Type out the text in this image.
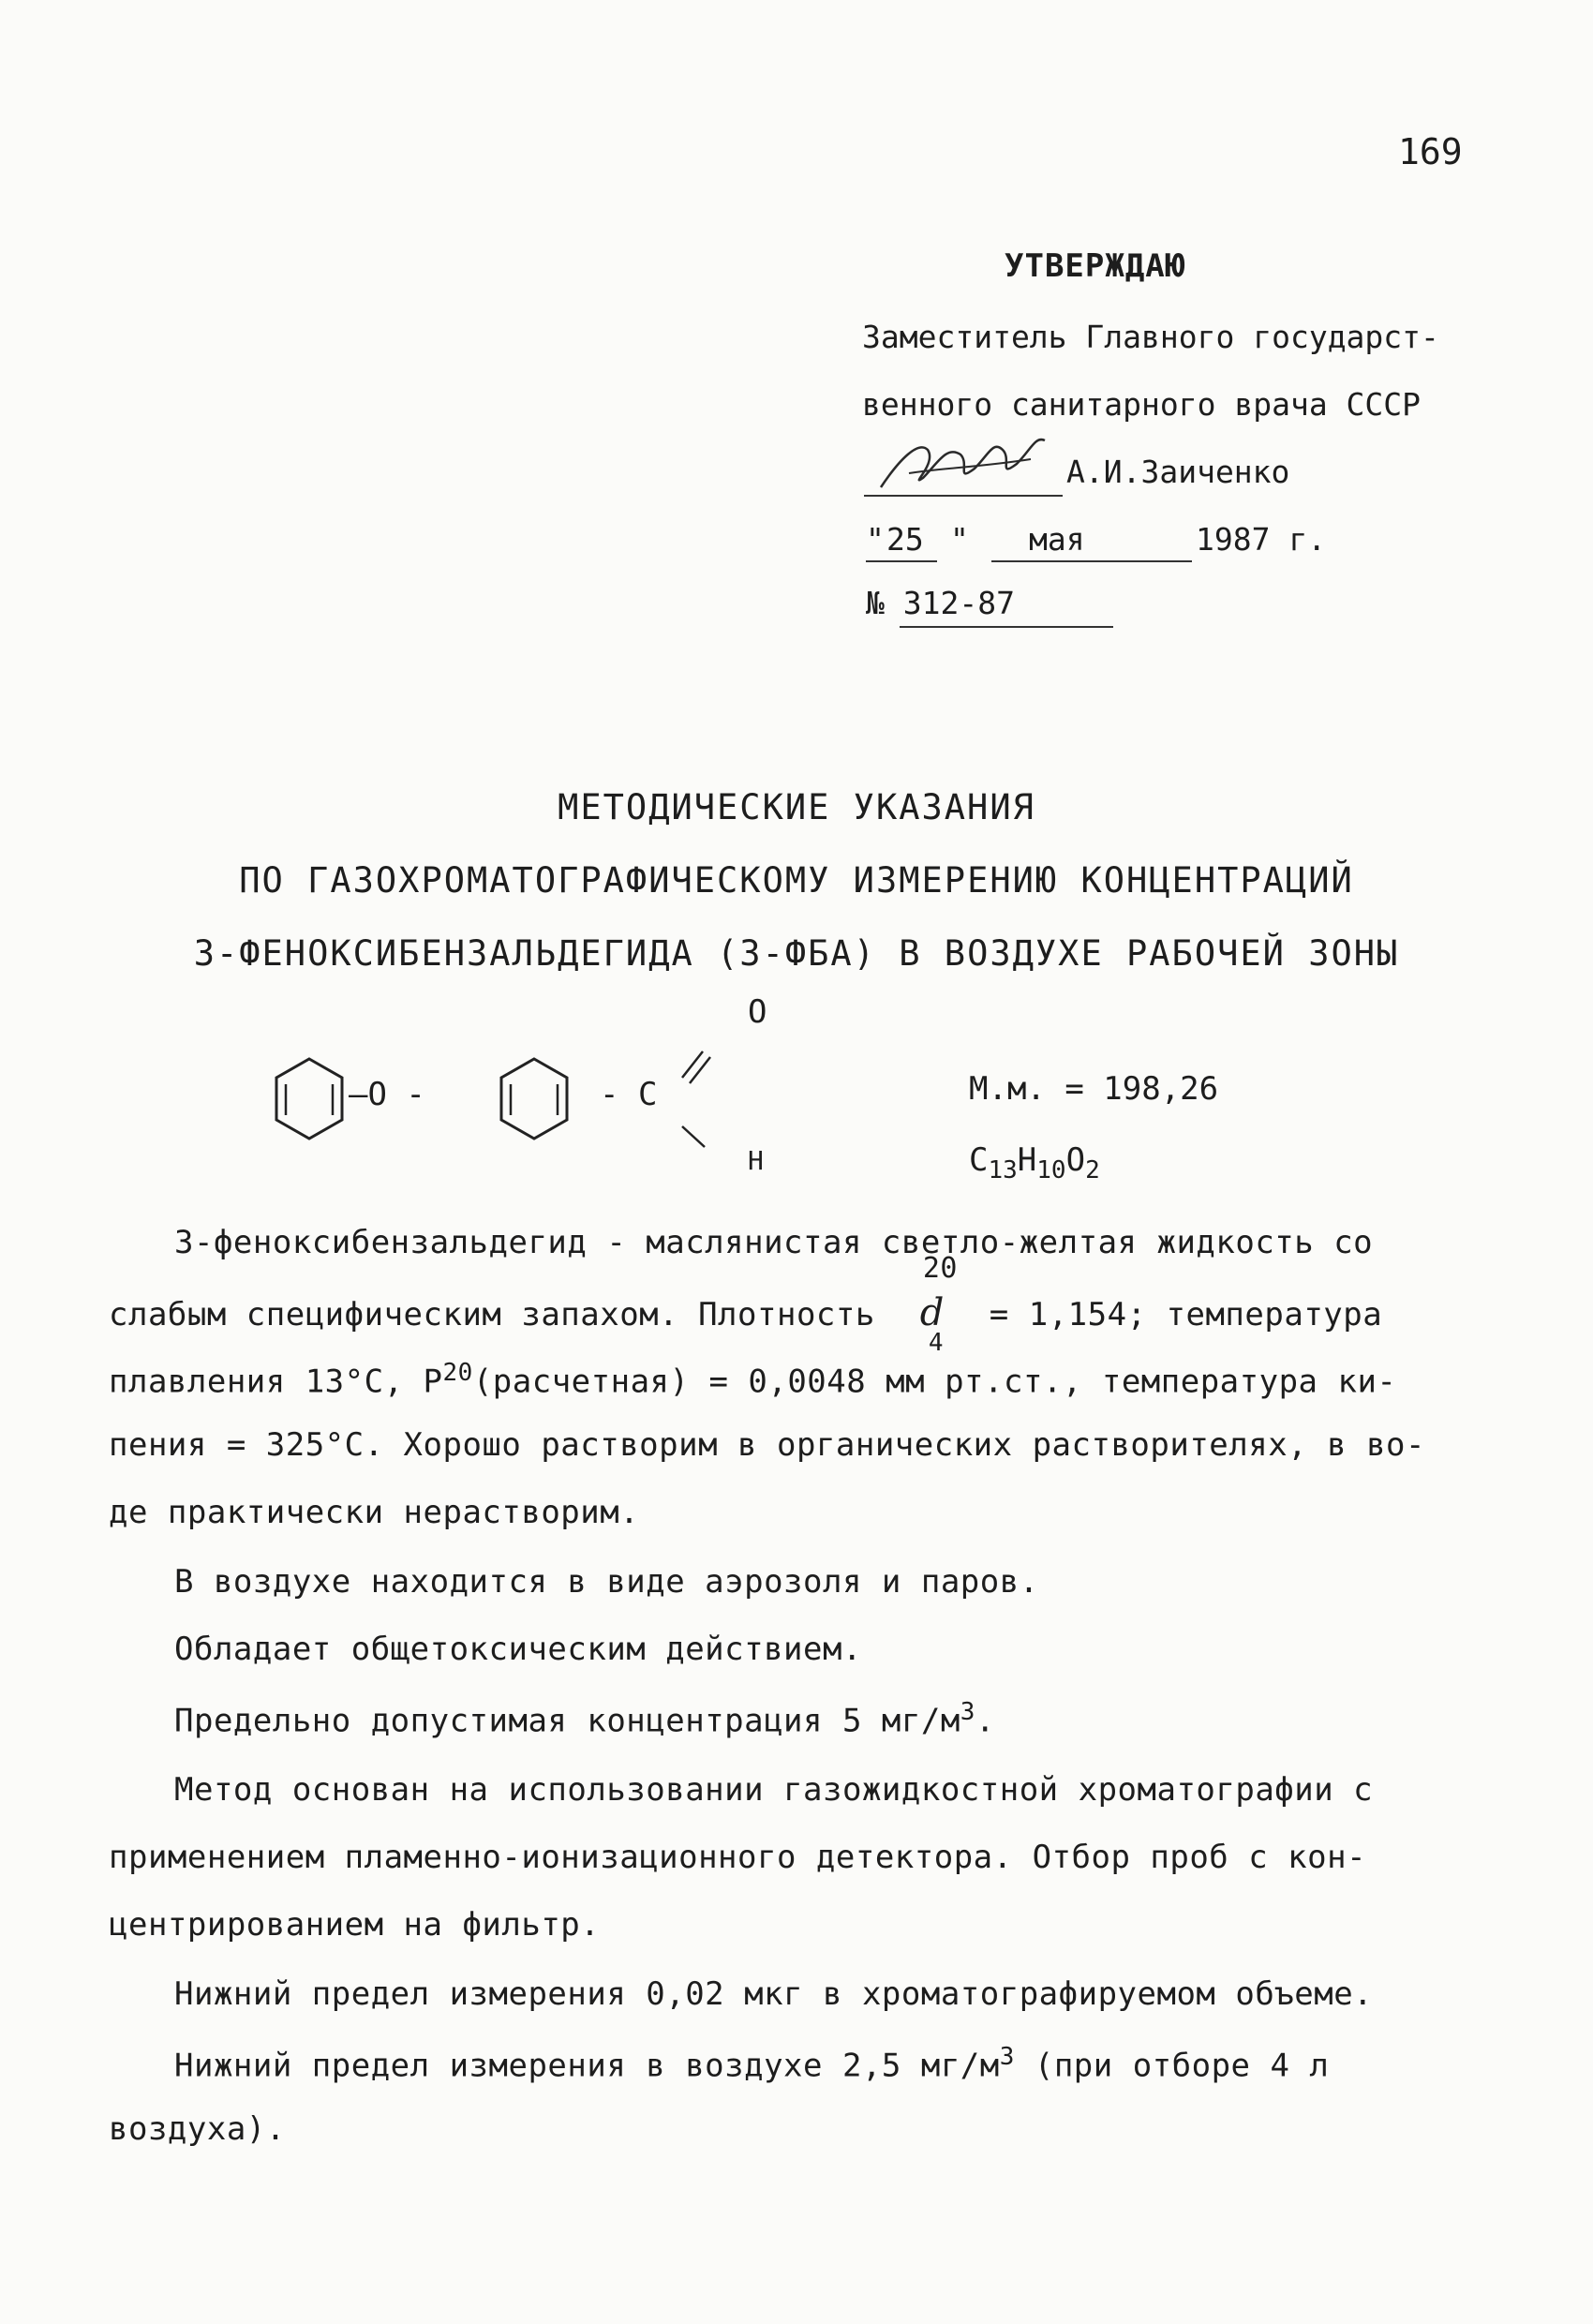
169
УТВЕРЖДАЮ
Заместитель Главного государст-
венного санитарного врача СССР
А.И.Заиченко
" 25 " мая	1987 г.
№ 312-87
МЕТОДИЧЕСКИЕ УКАЗАНИЯ
ПО ГАЗОХРОМАТОГРАФИЧЕСКОМУ ИЗМЕРЕНИЮ КОНЦЕНТРАЦИЙ
3-ФЕНОКСИБЕНЗАЛЬДЕГИДА (3-ФБА) В ВОЗДУХЕ РАБОЧЕЙ ЗОНЫ
O
—O -	- C
H
М.м. = 198,26
$C_{13}H_{10}O_2$
3-феноксибензальдегид - маслянистая светло-желтая жидкость со
слабым специфическим запахом. Плотность d
20
4
= 1,154; температура
плавления 13°С, $Р^{20}(расчетная) = 0,0048$ мм рт.ст., температура ки-
пения = 325°С. Хорошо растворим в органических растворителях, в во-
де практически нерастворим.
В воздухе находится в виде аэрозоля и паров.
Обладает общетоксическим действием.
Предельно допустимая концентрация 5 $мг/м^3$.
Метод основан на использовании газожидкостной хроматографии с
применением пламенно-ионизационного детектора. Отбор проб с кон-
центрированием на фильтр.
Нижний предел измерения 0,02 мкг в хроматографируемом объеме.
Нижний предел измерения в воздухе 2,5 $мг/м^3$ (при отборе 4 л
воздуха).
